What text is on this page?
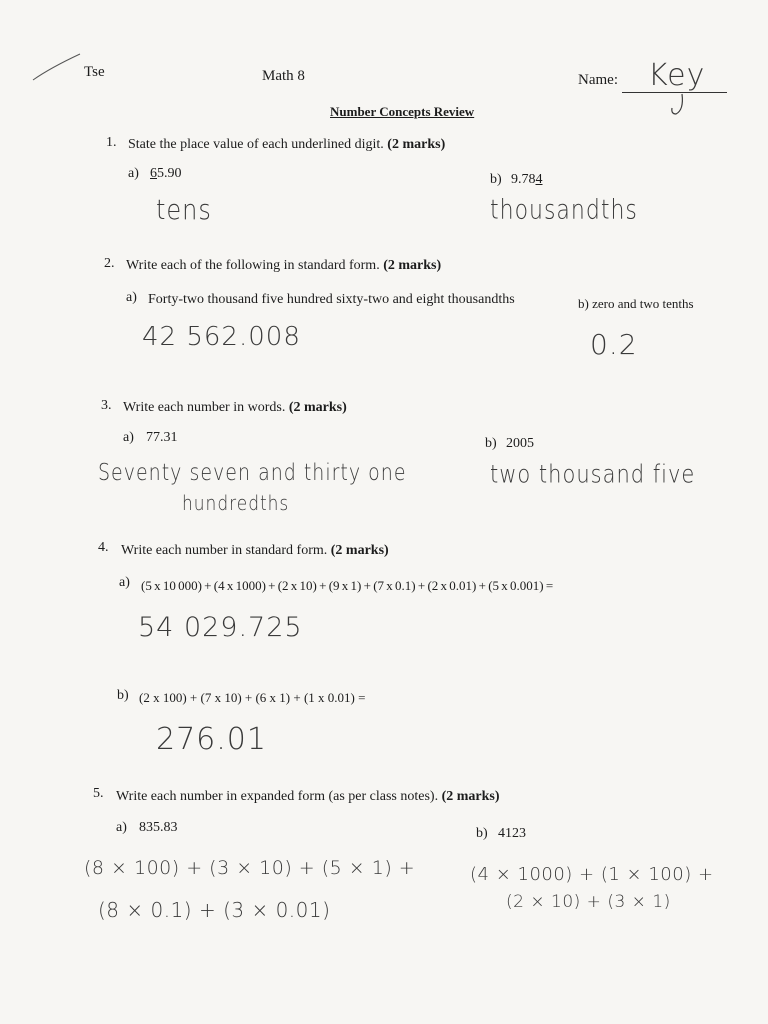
Tse	Math 8	Name: Key
Number Concepts Review
1. State the place value of each underlined digit. (2 marks)
a) 65.90
tens
b) 9.784
thousandths
2. Write each of the following in standard form. (2 marks)
a) Forty-two thousand five hundred sixty-two and eight thousandths
42 562.008
b) zero and two tenths
0.2
3. Write each number in words. (2 marks)
a) 77.31
Seventy seven and thirty one
hundredths
b) 2005
two thousand five
4. Write each number in standard form. (2 marks)
a) (5 x 10 000) + (4 x 1000) + (2 x 10) + (9 x 1) + (7 x 0.1) + (2 x 0.01) + (5 x 0.001) =
54 029.725
b) (2 x 100) + (7 x 10) + (6 x 1) + (1 x 0.01) =
276.01
5. Write each number in expanded form (as per class notes). (2 marks)
a) 835.83
(8 × 100) + (3 × 10) + (5 × 1) +
(8 × 0.1) + (3 × 0.01)
b) 4123
(4 × 1000) + (1 × 100) +
(2 × 10) + (3 × 1)
